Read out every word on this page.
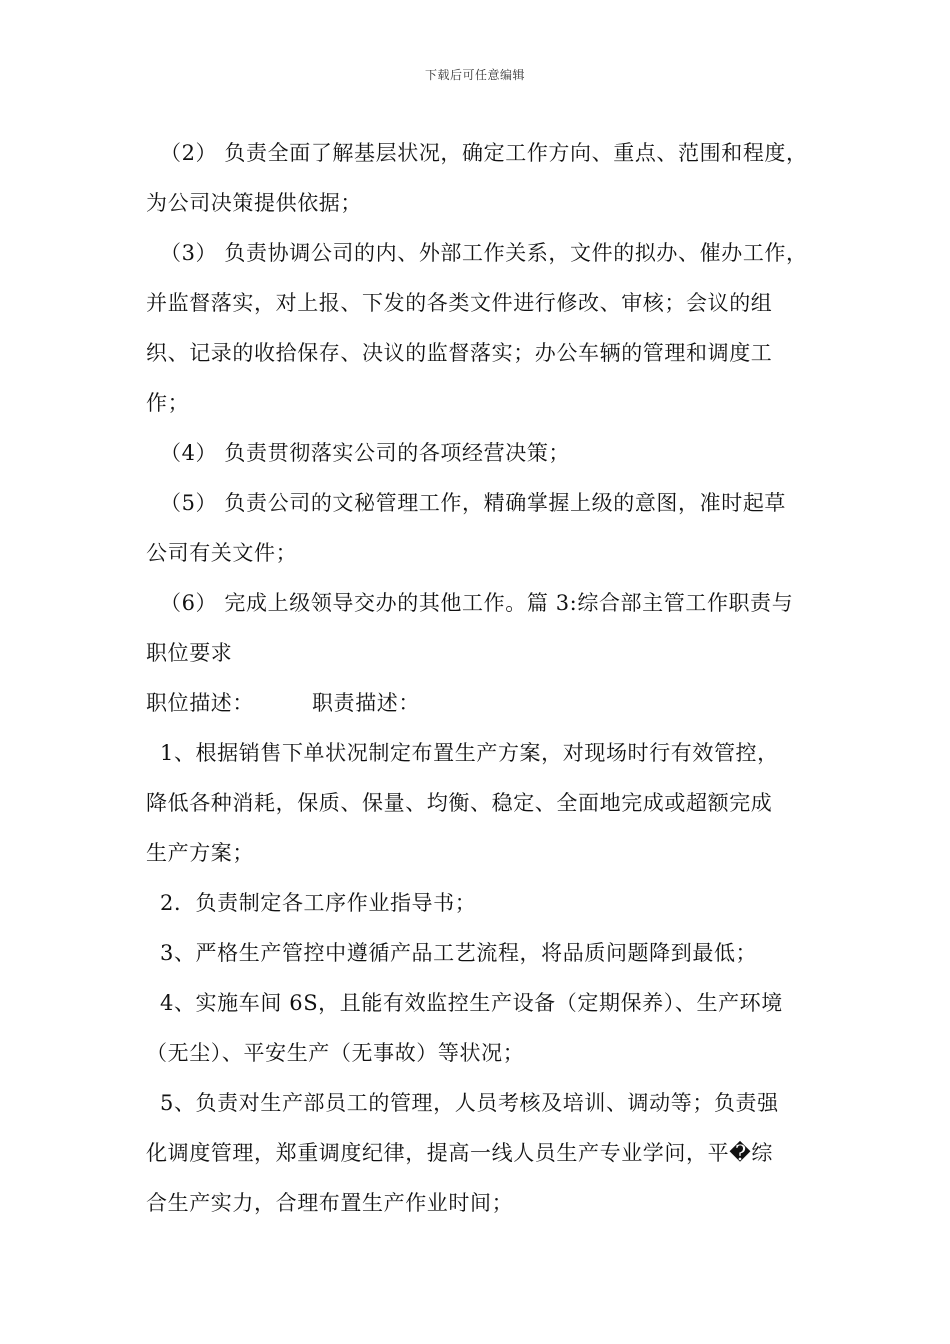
下载后可任意编辑
（2） 负责全面了解基层状况，确定工作方向、重点、范围和程度，
为公司决策提供依据；
（3） 负责协调公司的内、外部工作关系，文件的拟办、催办工作，
并监督落实，对上报、下发的各类文件进行修改、审核；会议的组
织、记录的收拾保存、决议的监督落实；办公车辆的管理和调度工
作；
（4） 负责贯彻落实公司的各项经营决策；
（5） 负责公司的文秘管理工作，精确掌握上级的意图，准时起草
公司有关文件；
（6） 完成上级领导交办的其他工作。篇 3:综合部主管工作职责与
职位要求
职位描述：	职责描述：
1、根据销售下单状况制定布置生产方案，对现场时行有效管控，
降低各种消耗，保质、保量、均衡、稳定、全面地完成或超额完成
生产方案；
2．负责制定各工序作业指导书；
3、严格生产管控中遵循产品工艺流程，将品质问题降到最低；
4、实施车间 6S，且能有效监控生产设备（定期保养）、生产环境
（无尘）、平安生产（无事故）等状况；
5、负责对生产部员工的管理，人员考核及培训、调动等；负责强
化调度管理，郑重调度纪律，提高一线人员生产专业学问，平�综
合生产实力，合理布置生产作业时间；
